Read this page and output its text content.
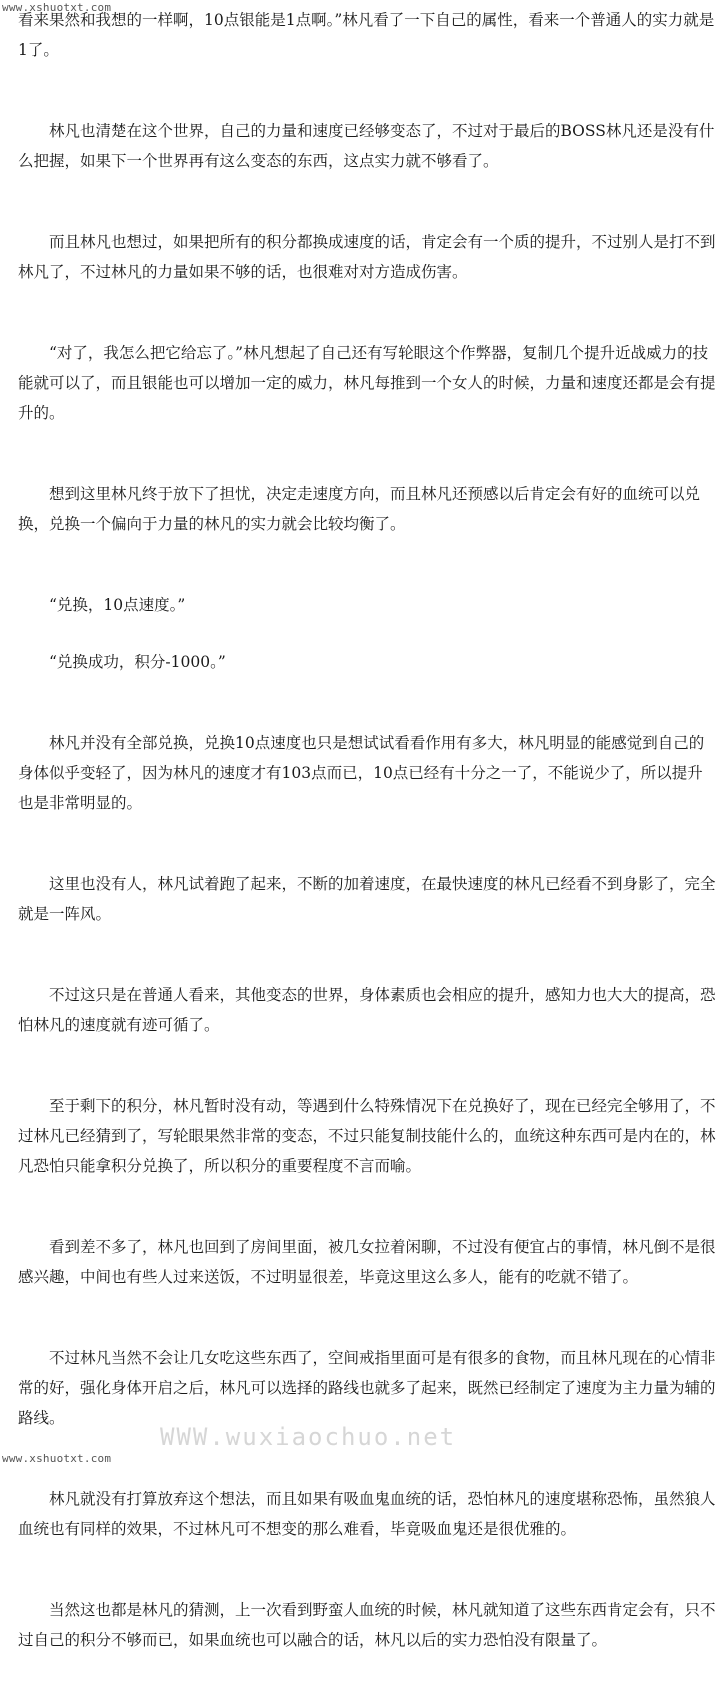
www.xshuotxt.com

看来果然和我想的一样啊，10点银能是1点啊。”林凡看了一下自己的属性，看来一个普通人的实力就是1了。

林凡也清楚在这个世界，自己的力量和速度已经够变态了，不过对于最后的BOSS林凡还是没有什么把握，如果下一个世界再有这么变态的东西，这点实力就不够看了。

而且林凡也想过，如果把所有的积分都换成速度的话，肯定会有一个质的提升，不过别人是打不到林凡了，不过林凡的力量如果不够的话，也很难对对方造成伤害。

“对了，我怎么把它给忘了。”林凡想起了自己还有写轮眼这个作弊器，复制几个提升近战威力的技能就可以了，而且银能也可以增加一定的威力，林凡每推到一个女人的时候，力量和速度还都是会有提升的。

想到这里林凡终于放下了担忧，决定走速度方向，而且林凡还预感以后肯定会有好的血统可以兑换，兑换一个偏向于力量的林凡的实力就会比较均衡了。

“兑换，10点速度。”

“兑换成功，积分-1000。”

林凡并没有全部兑换，兑换10点速度也只是想试试看看作用有多大，林凡明显的能感觉到自己的身体似乎变轻了，因为林凡的速度才有103点而已，10点已经有十分之一了，不能说少了，所以提升也是非常明显的。

这里也没有人，林凡试着跑了起来，不断的加着速度，在最快速度的林凡已经看不到身影了，完全就是一阵风。

不过这只是在普通人看来，其他变态的世界，身体素质也会相应的提升，感知力也大大的提高，恐怕林凡的速度就有迹可循了。

至于剩下的积分，林凡暂时没有动，等遇到什么特殊情况下在兑换好了，现在已经完全够用了，不过林凡已经猜到了，写轮眼果然非常的变态，不过只能复制技能什么的，血统这种东西可是内在的，林凡恐怕只能拿积分兑换了，所以积分的重要程度不言而喻。

看到差不多了，林凡也回到了房间里面，被几女拉着闲聊，不过没有便宜占的事情，林凡倒不是很感兴趣，中间也有些人过来送饭，不过明显很差，毕竟这里这么多人，能有的吃就不错了。

不过林凡当然不会让几女吃这些东西了，空间戒指里面可是有很多的食物，而且林凡现在的心情非常的好，强化身体开启之后，林凡可以选择的路线也就多了起来，既然已经制定了速度为主力量为辅的路线。

林凡就没有打算放弃这个想法，而且如果有吸血鬼血统的话，恐怕林凡的速度堪称恐怖，虽然狼人血统也有同样的效果，不过林凡可不想变的那么难看，毕竟吸血鬼还是很优雅的。

当然这也都是林凡的猜测，上一次看到野蛮人血统的时候，林凡就知道了这些东西肯定会有，只不过自己的积分不够而已，如果血统也可以融合的话，林凡以后的实力恐怕没有限量了。

WWW.wuxiaochuo.net
www.xshuotxt.com
